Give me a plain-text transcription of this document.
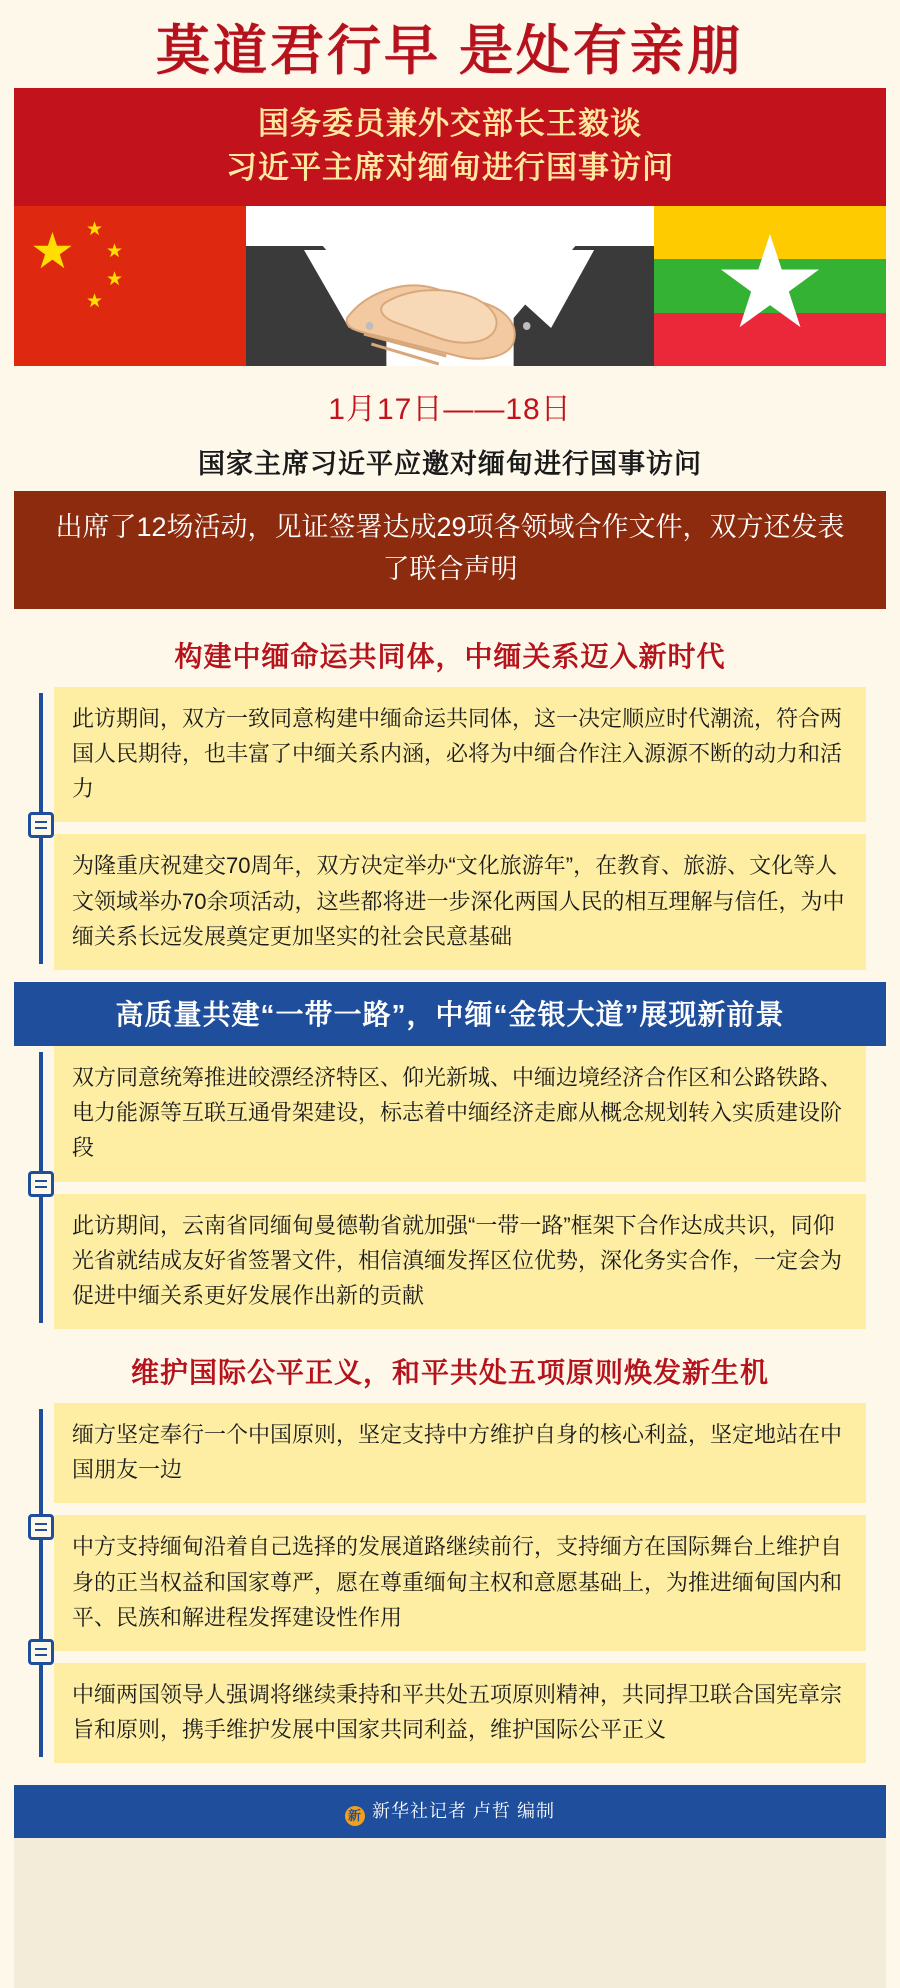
莫道君行早 是处有亲朋
国务委员兼外交部长王毅谈
习近平主席对缅甸进行国事访问
★ ★
★
★
★	★
1月17日——18日
国家主席习近平应邀对缅甸进行国事访问
出席了12场活动，见证签署达成29项各领域合作文件，双方还发表了联合声明
构建中缅命运共同体，中缅关系迈入新时代
此访期间，双方一致同意构建中缅命运共同体，这一决定顺应时代潮流，符合两国人民期待，也丰富了中缅关系内涵，必将为中缅合作注入源源不断的动力和活力
为隆重庆祝建交70周年，双方决定举办“文化旅游年”，在教育、旅游、文化等人文领域举办70余项活动，这些都将进一步深化两国人民的相互理解与信任，为中缅关系长远发展奠定更加坚实的社会民意基础
高质量共建“一带一路”，中缅“金银大道”展现新前景
双方同意统筹推进皎漂经济特区、仰光新城、中缅边境经济合作区和公路铁路、电力能源等互联互通骨架建设，标志着中缅经济走廊从概念规划转入实质建设阶段
此访期间，云南省同缅甸曼德勒省就加强“一带一路”框架下合作达成共识，同仰光省就结成友好省签署文件，相信滇缅发挥区位优势，深化务实合作，一定会为促进中缅关系更好发展作出新的贡献
维护国际公平正义，和平共处五项原则焕发新生机
缅方坚定奉行一个中国原则，坚定支持中方维护自身的核心利益，坚定地站在中国朋友一边
中方支持缅甸沿着自己选择的发展道路继续前行，支持缅方在国际舞台上维护自身的正当权益和国家尊严，愿在尊重缅甸主权和意愿基础上，为推进缅甸国内和平、民族和解进程发挥建设性作用
中缅两国领导人强调将继续秉持和平共处五项原则精神，共同捍卫联合国宪章宗旨和原则，携手维护发展中国家共同利益，维护国际公平正义
新 新华社记者 卢哲 编制
